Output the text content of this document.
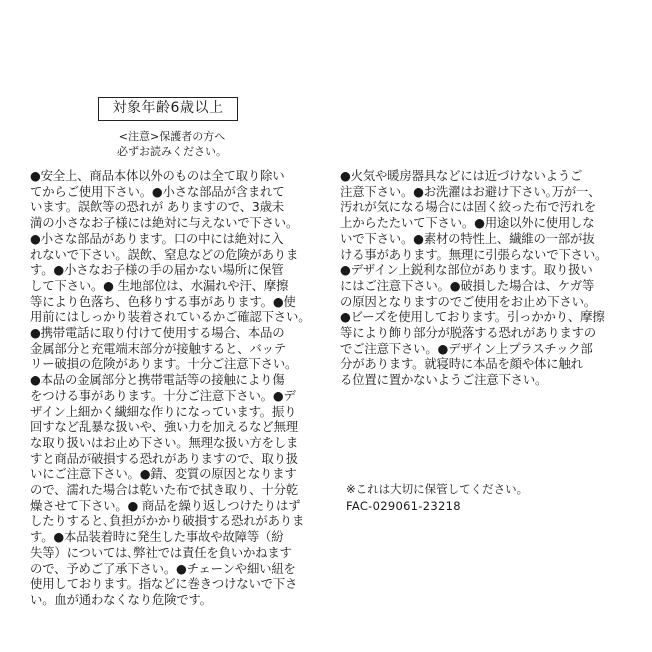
対象年齢6歳以上
<注意>保護者の方へ
必ずお読みください。
●安全上、商品本体以外のものは全て取り除い
てからご使用下さい。●小さな部品が含まれて
います。誤飲等の恐れが ありますので、3歳未
満の小さなお子様には絶対に与えないで下さい。
●小さな部品があります。口の中には絶対に入
れないで下さい。誤飲、窒息などの危険がありま
す。●小さなお子様の手の届かない場所に保管
して下さい。● 生地部位は、水漏れや汗、摩擦
等により色落ち、色移りする事があります。●使
用前にはしっかり装着されているかご確認下さい。
●携帯電話に取り付けて使用する場合、本品の
金属部分と充電端末部分が接触すると、バッテ
リー破損の危険があります。十分ご注意下さい。
●本品の金属部分と携帯電話等の接触により傷
をつける事があります。十分ご注意下さい。●デ
ザイン上細かく繊細な作りになっています。振り
回すなど乱暴な扱いや、強い力を加えるなど無理
な取り扱いはお止め下さい。無理な扱い方をしま
すと商品が破損する恐れがありますので、取り扱
いにご注意下さい。●錆、変質の原因となります
ので、濡れた場合は乾いた布で拭き取り、十分乾
燥させて下さい。● 商品を繰り返しつけたりはず
したりすると､負担がかかり破損する恐れがありま
す。●本品装着時に発生した事故や故障等（紛
失等）については､弊社では責任を負いかねます
ので、予めご了承下さい。●チェーンや細い紐を
使用しております。指などに巻きつけないで下さ
い。血が通わなくなり危険です。
●火気や暖房器具などには近づけないようご
注意下さい。●お洗濯はお避け下さい｡万が一、
汚れが気になる場合には固く絞った布で汚れを
上からたたいて下さい。●用途以外に使用しな
いで下さい。●素材の特性上、繊維の一部が抜
ける事があります。無理に引張らないで下さい。
●デザイン上鋭利な部位があります。取り扱い
にはご注意下さい。●破損した場合は、ケガ等
の原因となりますのでご使用をお止め下さい。
●ビーズを使用しております。引っかかり、摩擦
等により飾り部分が脱落する恐れがありますの
でご注意下さい。●デザイン上プラスチック部
分があります。就寝時に本品を顔や体に触れ
る位置に置かないようご注意下さい。
※これは大切に保管してください。
FAC-029061-23218
